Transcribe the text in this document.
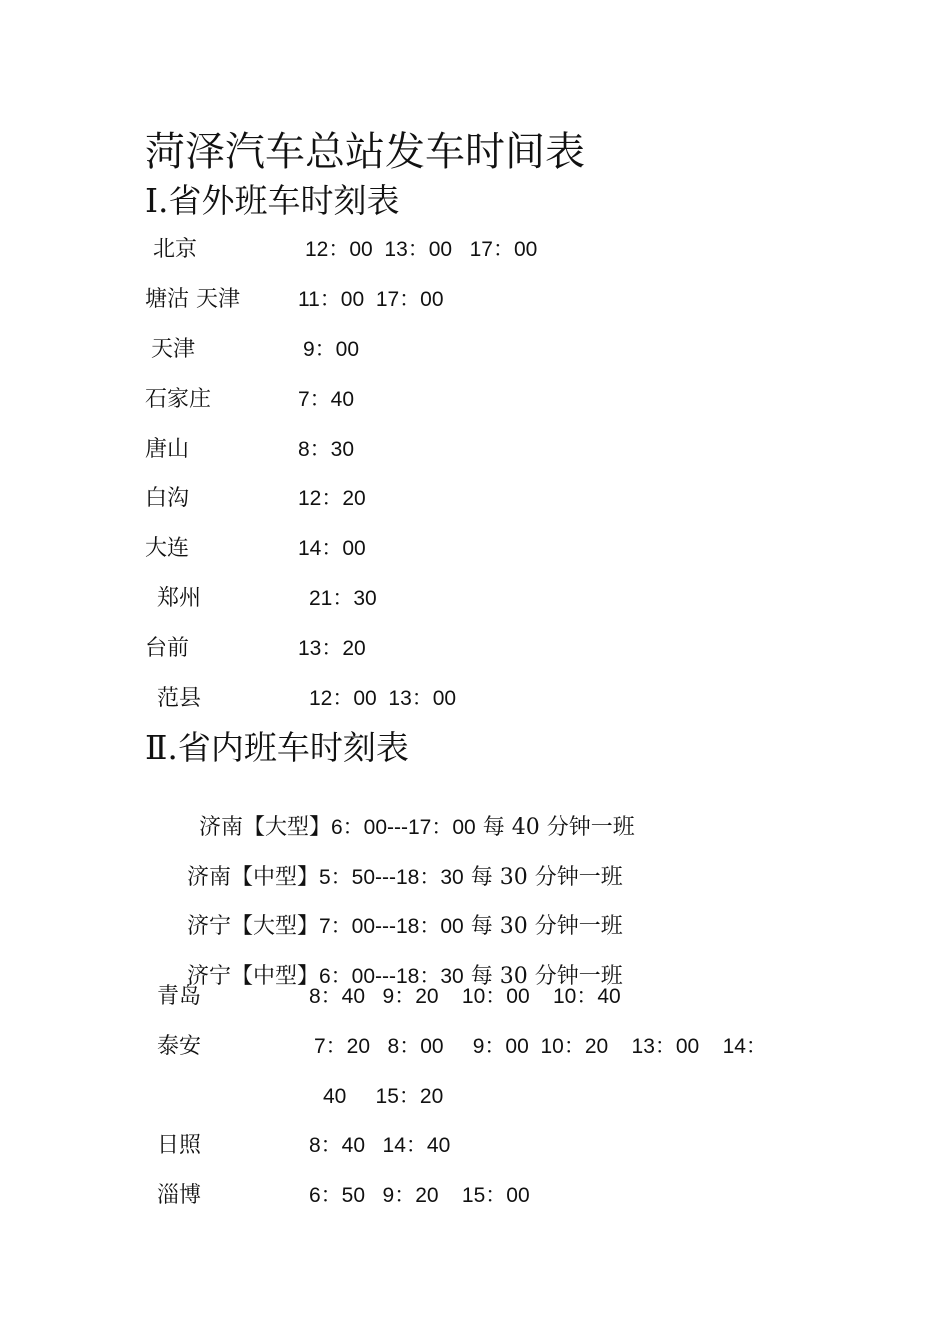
菏泽汽车总站发车时间表
Ⅰ.省外班车时刻表
北京	12：00  13：00   17：00
塘沽 天津	11：00  17：00
天津	9：00
石家庄	7：40
唐山	8：30
白沟	12：20
大连	14：00
郑州	21：30
台前	13：20
范县	12：00  13：00
Ⅱ.省内班车时刻表

济南【大型】6：00---17：00 每 40 分钟一班

济南【中型】5：50---18：30 每 30 分钟一班

济宁【大型】7：00---18：00 每 30 分钟一班

济宁【中型】6：00---18：30 每 30 分钟一班

青岛	8：40   9：20    10：00    10：40
泰安	7：20   8：00     9：00  10：20    13：00    14：
40     15：20
日照	8：40   14：40
淄博	6：50   9：20    15：00
